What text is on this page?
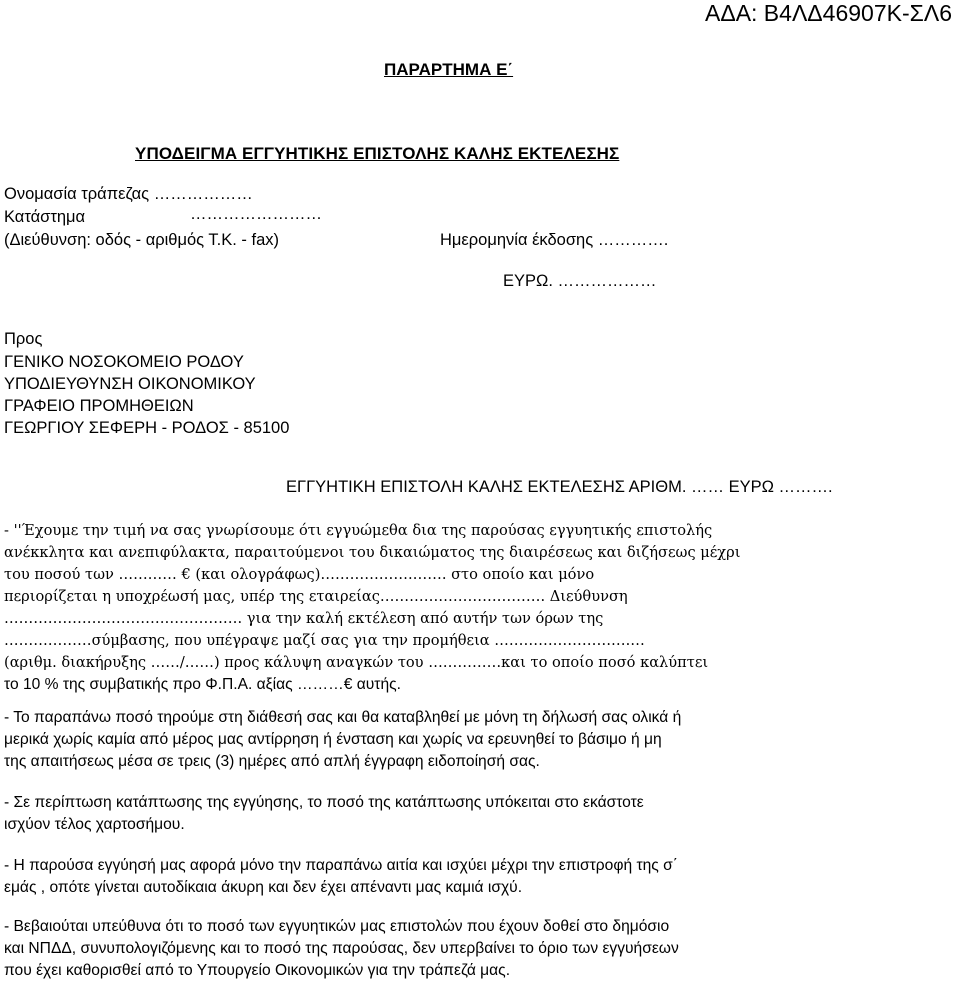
ΑΔΑ: Β4ΛΔ46907Κ-ΣΛ6
ΠΑΡΑΡΤΗΜΑ Ε΄
ΥΠΟΔΕΙΓΜΑ ΕΓΓΥΗΤΙΚΗΣ ΕΠΙΣΤΟΛΗΣ ΚΑΛΗΣ ΕΚΤΕΛΕΣΗΣ
Ονομασία τράπεζας ………………
Κατάστημα	……………………
(Διεύθυνση: οδός - αριθμός Τ.Κ. - fax)	Ημερομηνία έκδοσης ………….
ΕΥΡΩ. ………………
Προς
ΓΕΝΙΚΟ ΝΟΣΟΚΟΜΕΙΟ ΡΟΔΟΥ
ΥΠΟΔΙΕΥΘΥΝΣΗ ΟΙΚΟΝΟΜΙΚΟΥ
ΓΡΑΦΕΙΟ ΠΡΟΜΗΘΕΙΩΝ
ΓΕΩΡΓΙΟΥ ΣΕΦΕΡΗ - ΡΟΔΟΣ - 85100
ΕΓΓΥΗΤΙΚΗ ΕΠΙΣΤΟΛΗ ΚΑΛΗΣ ΕΚΤΕΛΕΣΗΣ ΑΡΙΘΜ. …… ΕΥΡΩ ……….
- ''Έχουμε την τιμή να σας γνωρίσουμε ότι εγγυώμεθα δια της παρούσας εγγυητικής επιστολής
ανέκκλητα και ανεπιφύλακτα, παραιτούμενοι του δικαιώματος της διαιρέσεως και διζήσεως μέχρι
του ποσού των ………… € (και ολογράφως)……………….……. στο οποίο και μόνο
περιορίζεται η υποχρέωσή μας, υπέρ της εταιρείας……………………………. Διεύθυνση
…………………………………………. για την καλή εκτέλεση από αυτήν των όρων της
………………σύμβασης, που υπέγραψε μαζί σας για την προμήθεια ……………………….…
(αριθμ. διακήρυξης ……/……) προς κάλυψη αναγκών του ……………και το οποίο ποσό καλύπτει
το 10 % της συμβατικής προ Φ.Π.Α. αξίας ………€ αυτής.
- Το παραπάνω ποσό τηρούμε στη διάθεσή σας και θα καταβληθεί με μόνη τη δήλωσή σας ολικά ή
μερικά χωρίς καμία από μέρος μας αντίρρηση ή ένσταση και χωρίς να ερευνηθεί το βάσιμο ή μη
της απαιτήσεως μέσα σε τρεις (3) ημέρες από απλή έγγραφη ειδοποίησή σας.
- Σε περίπτωση κατάπτωσης της εγγύησης, το ποσό της κατάπτωσης υπόκειται στο εκάστοτε
ισχύον τέλος χαρτοσήμου.
- Η παρούσα εγγύησή μας αφορά μόνο την παραπάνω αιτία και ισχύει μέχρι την επιστροφή της σ΄
εμάς , οπότε γίνεται αυτοδίκαια άκυρη και δεν έχει απέναντι μας καμιά ισχύ.
- Βεβαιούται υπεύθυνα ότι το ποσό των εγγυητικών μας επιστολών που έχουν δοθεί στο δημόσιο
και ΝΠΔΔ, συνυπολογιζόμενης και το ποσό της παρούσας, δεν υπερβαίνει το όριο των εγγυήσεων
που έχει καθορισθεί από το Υπουργείο Οικονομικών για την τράπεζά μας.
